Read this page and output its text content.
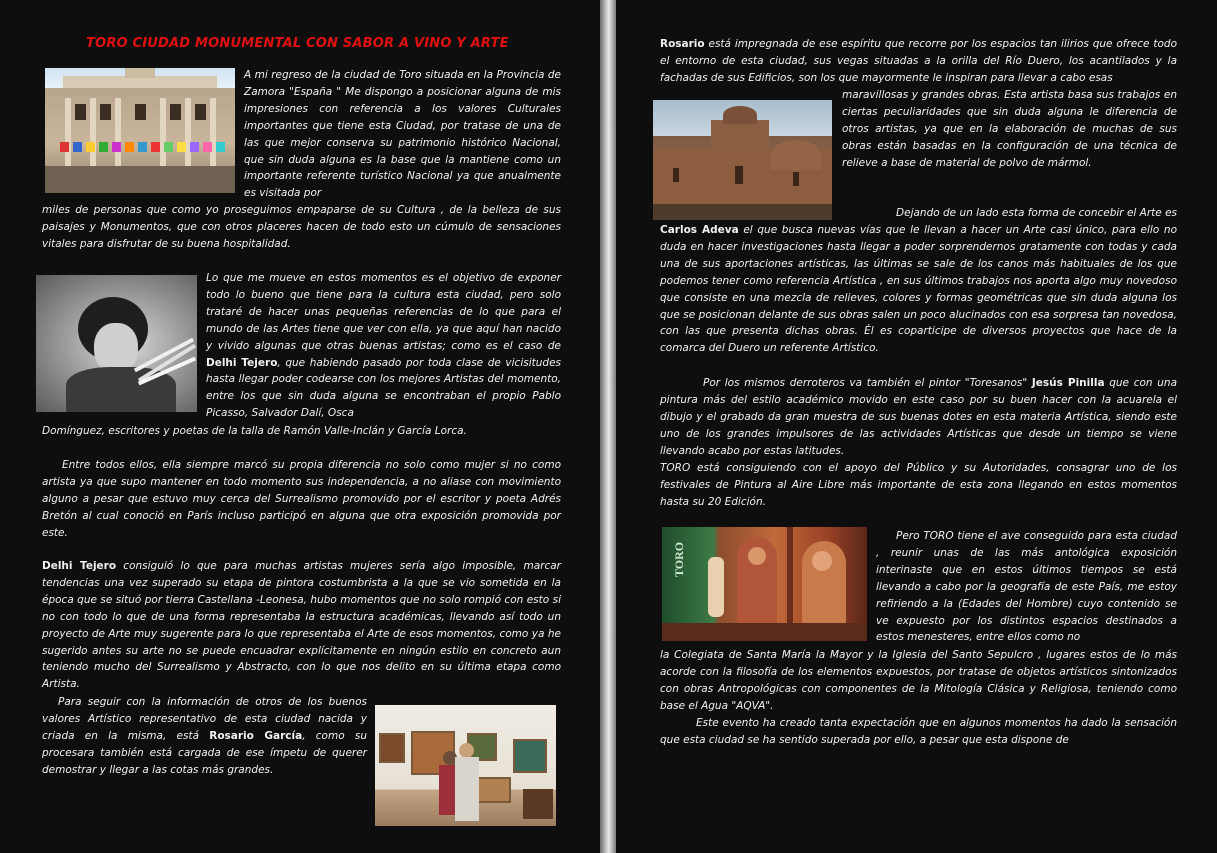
TORO CIUDAD MONUMENTAL CON SABOR A VINO Y ARTE
A mi regreso de la ciudad de Toro situada en la Provincia de Zamora "España " Me dispongo a posicionar alguna de mis impresiones con referencia a los valores Culturales importantes que tiene esta Ciudad, por tratase de una de las que mejor conserva su patrimonio histórico Nacional, que sin duda alguna es la base que la mantiene como un importante referente turístico Nacional ya que anualmente es visitada por
miles de personas que como yo proseguimos empaparse de su Cultura , de la belleza de sus paisajes y Monumentos, que con otros placeres hacen de todo esto un cúmulo de sensaciones vitales para disfrutar de su buena hospitalidad.
Lo que me mueve en estos momentos es el objetivo de exponer todo lo bueno que tiene para la cultura esta ciudad, pero solo trataré de hacer unas pequeñas referencias de lo que para el mundo de las Artes tiene que ver con ella, ya que aquí han nacido y vivido algunas que otras buenas artistas; como es el caso de Delhi Tejero, que habiendo pasado por toda clase de vicisitudes hasta llegar poder codearse con los mejores Artistas del momento, entre los que sin duda alguna se encontraban el propio Pablo Picasso, Salvador Dalí, Osca
Domínguez, escritores y poetas de la talla de Ramón Valle-Inclán y García Lorca.
Entre todos ellos, ella siempre marcó su propia diferencia no solo como mujer si no como artista ya que supo mantener en todo momento sus independencia, a no aliase con movimiento alguno a pesar que estuvo muy cerca del Surrealismo promovido por el escritor y poeta Adrés Bretón al cual conoció en París incluso participó en alguna que otra exposición promovida por este.
Delhi Tejero consiguió lo que para muchas artistas mujeres sería algo imposible, marcar tendencias una vez superado su etapa de pintora costumbrista a la que se vio sometida en la época que se situó por tierra Castellana -Leonesa, hubo momentos que no solo rompió con esto si no con todo lo que de una forma representaba la estructura académicas, llevando así todo un proyecto de Arte muy sugerente para lo que representaba el Arte de esos momentos, como ya he sugerido antes su arte no se puede encuadrar explícitamente en ningún estilo en concreto aun teniendo mucho del Surrealismo y Abstracto, con lo que nos delito en su última etapa como Artista.
Para seguir con la información de otros de los buenos valores Artístico representativo de esta ciudad nacida y criada en la misma, está Rosario García, como su procesara también está cargada de ese ímpetu de querer demostrar y llegar a las cotas más grandes.
Rosario está impregnada de ese espíritu que recorre por los espacios tan ilirios que ofrece todo el entorno de esta ciudad, sus vegas situadas a la orilla del Río Duero, los acantilados y la fachadas de sus Edificios, son los que mayormente le inspiran para llevar a cabo esas
maravillosas y grandes obras. Esta artista basa sus trabajos en ciertas peculiaridades que sin duda alguna le diferencia de otros artistas, ya que en la elaboración de muchas de sus obras están basadas en la configuración de una técnica de relieve a base de material de polvo de mármol.
Dejando de un lado esta forma de concebir el Arte es
Carlos Adeva el que busca nuevas vías que le llevan a hacer un Arte casi único, para ello no duda en hacer investigaciones hasta llegar a poder sorprendernos gratamente con todas y cada una de sus aportaciones artísticas, las últimas se sale de los canos más habituales de los que podemos tener como referencia Artística , en sus últimos trabajos nos aporta algo muy novedoso que consiste en una mezcla de relieves, colores y formas geométricas que sin duda alguna los que se posicionan delante de sus obras salen un poco alucinados con esa sorpresa tan novedosa, con las que presenta dichas obras. Él es coparticipe de diversos proyectos que hace de la comarca del Duero un referente Artístico.
Por los mismos derroteros va también el pintor "Toresanos" Jesús Pinilla que con una pintura más del estilo académico movido en este caso por su buen hacer con la acuarela el dibujo y el grabado da gran muestra de sus buenas dotes en esta materia Artística, siendo este uno de los grandes impulsores de las actividades Artísticas que desde un tiempo se viene llevando acabo por estas latitudes.
TORO está consiguiendo con el apoyo del Público y su Autoridades, consagrar uno de los festivales de Pintura al Aire Libre más importante de esta zona llegando en estos momentos hasta su 20 Edición.
TORO
Pero TORO tiene el ave conseguido para esta ciudad , reunir unas de las más antológica exposición interinaste que en estos últimos tiempos se está llevando a cabo por la geografía de este País, me estoy refiriendo a la (Edades del Hombre) cuyo contenido se ve expuesto por los distintos espacios destinados a estos menesteres, entre ellos como no
la Colegiata de Santa María la Mayor y la Iglesia del Santo Sepulcro , lugares estos de lo más acorde con la filosofía de los elementos expuestos, por tratase de objetos artísticos sintonizados con obras Antropológicas con componentes de la Mitología Clásica y Religiosa, teniendo como base el Agua "AQVA".
Este evento ha creado tanta expectación que en algunos momentos ha dado la sensación que esta ciudad se ha sentido superada por ello, a pesar que esta dispone de
